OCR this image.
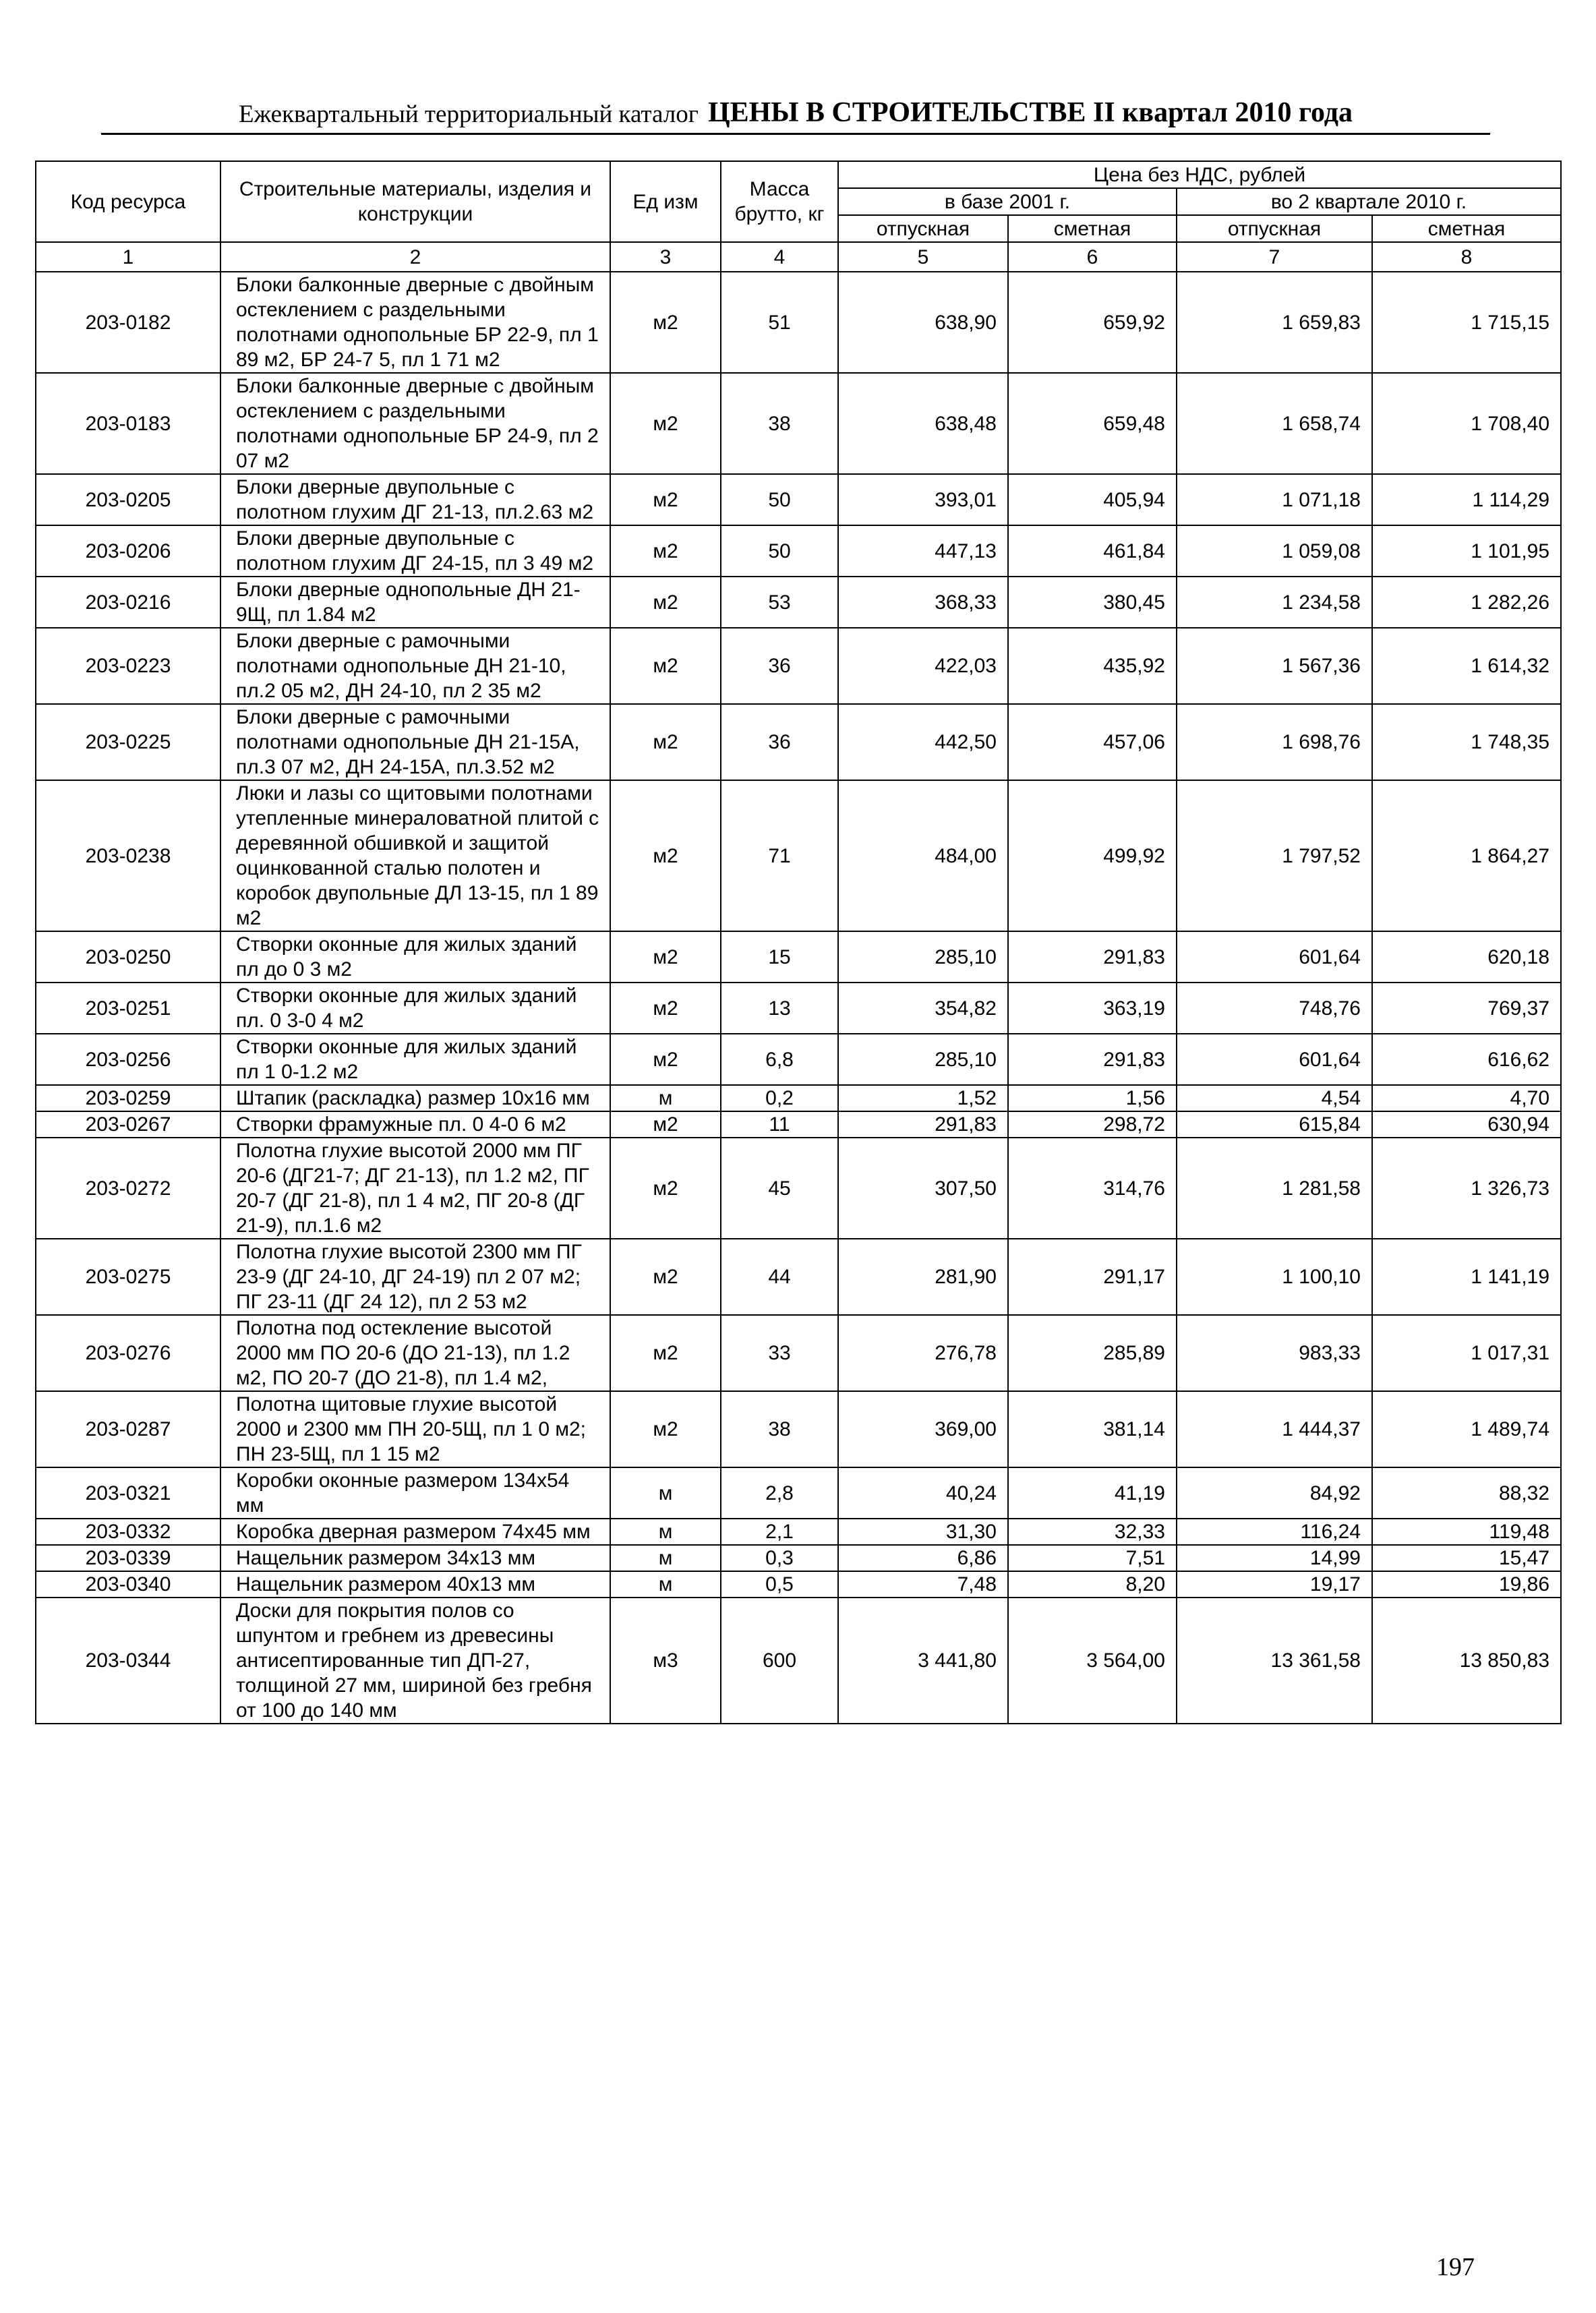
Ежеквартальный территориальный каталог ЦЕНЫ В СТРОИТЕЛЬСТВЕ II квартал 2010 года
Код ресурса	Строительные материалы, изделия и конструкции	Ед изм	Масса брутто, кг	Цена без НДС, рублей			
				в базе 2001 г.		во 2 квартале 2010 г.	
				отпускная	сметная	отпускная	сметная
1	2	3	4	5	6	7	8
203-0182	Блоки балконные дверные с двойным остеклением с раздельными полотнами однопольные БР 22-9, пл 1 89 м2, БР 24-7 5, пл 1 71 м2	м2	51	638,90	659,92	1 659,83	1 715,15
203-0183	Блоки балконные дверные с двойным остеклением с раздельными полотнами однопольные БР 24-9, пл 2 07 м2	м2	38	638,48	659,48	1 658,74	1 708,40
203-0205	Блоки дверные двупольные с полотном глухим ДГ 21-13, пл.2.63 м2	м2	50	393,01	405,94	1 071,18	1 114,29
203-0206	Блоки дверные двупольные с полотном глухим ДГ 24-15, пл 3 49 м2	м2	50	447,13	461,84	1 059,08	1 101,95
203-0216	Блоки дверные однопольные ДН 21-9Щ, пл 1.84 м2	м2	53	368,33	380,45	1 234,58	1 282,26
203-0223	Блоки дверные с рамочными полотнами однопольные ДН 21-10, пл.2 05 м2, ДН 24-10, пл 2 35 м2	м2	36	422,03	435,92	1 567,36	1 614,32
203-0225	Блоки дверные с рамочными полотнами однопольные ДН 21-15А, пл.3 07 м2, ДН 24-15А, пл.3.52 м2	м2	36	442,50	457,06	1 698,76	1 748,35
203-0238	Люки и лазы со щитовыми полотнами утепленные минераловатной плитой с деревянной обшивкой и защитой оцинкованной сталью полотен и коробок двупольные ДЛ 13-15, пл 1 89 м2	м2	71	484,00	499,92	1 797,52	1 864,27
203-0250	Створки оконные для жилых зданий пл до 0 3 м2	м2	15	285,10	291,83	601,64	620,18
203-0251	Створки оконные для жилых зданий пл. 0 3-0 4 м2	м2	13	354,82	363,19	748,76	769,37
203-0256	Створки оконные для жилых зданий пл 1 0-1.2 м2	м2	6,8	285,10	291,83	601,64	616,62
203-0259	Штапик (раскладка) размер 10х16 мм	м	0,2	1,52	1,56	4,54	4,70
203-0267	Створки фрамужные пл. 0 4-0 6 м2	м2	11	291,83	298,72	615,84	630,94
203-0272	Полотна глухие высотой 2000 мм ПГ 20-6 (ДГ21-7; ДГ 21-13), пл 1.2 м2, ПГ 20-7 (ДГ 21-8), пл 1 4 м2, ПГ 20-8 (ДГ 21-9), пл.1.6 м2	м2	45	307,50	314,76	1 281,58	1 326,73
203-0275	Полотна глухие высотой 2300 мм ПГ 23-9 (ДГ 24-10, ДГ 24-19) пл 2 07 м2; ПГ 23-11 (ДГ 24 12), пл 2 53 м2	м2	44	281,90	291,17	1 100,10	1 141,19
203-0276	Полотна под остекление высотой 2000 мм ПО 20-6 (ДО 21-13), пл 1.2 м2, ПО 20-7 (ДО 21-8), пл 1.4 м2,	м2	33	276,78	285,89	983,33	1 017,31
203-0287	Полотна щитовые глухие высотой 2000 и 2300 мм ПН 20-5Щ, пл 1 0 м2; ПН 23-5Щ, пл 1 15 м2	м2	38	369,00	381,14	1 444,37	1 489,74
203-0321	Коробки оконные размером 134х54 мм	м	2,8	40,24	41,19	84,92	88,32
203-0332	Коробка дверная размером 74х45 мм	м	2,1	31,30	32,33	116,24	119,48
203-0339	Нащельник размером 34х13 мм	м	0,3	6,86	7,51	14,99	15,47
203-0340	Нащельник размером 40х13 мм	м	0,5	7,48	8,20	19,17	19,86
203-0344	Доски для покрытия полов со шпунтом и гребнем из древесины антисептированные тип ДП-27, толщиной 27 мм, шириной без гребня от 100 до 140 мм	м3	600	3 441,80	3 564,00	13 361,58	13 850,83
197
